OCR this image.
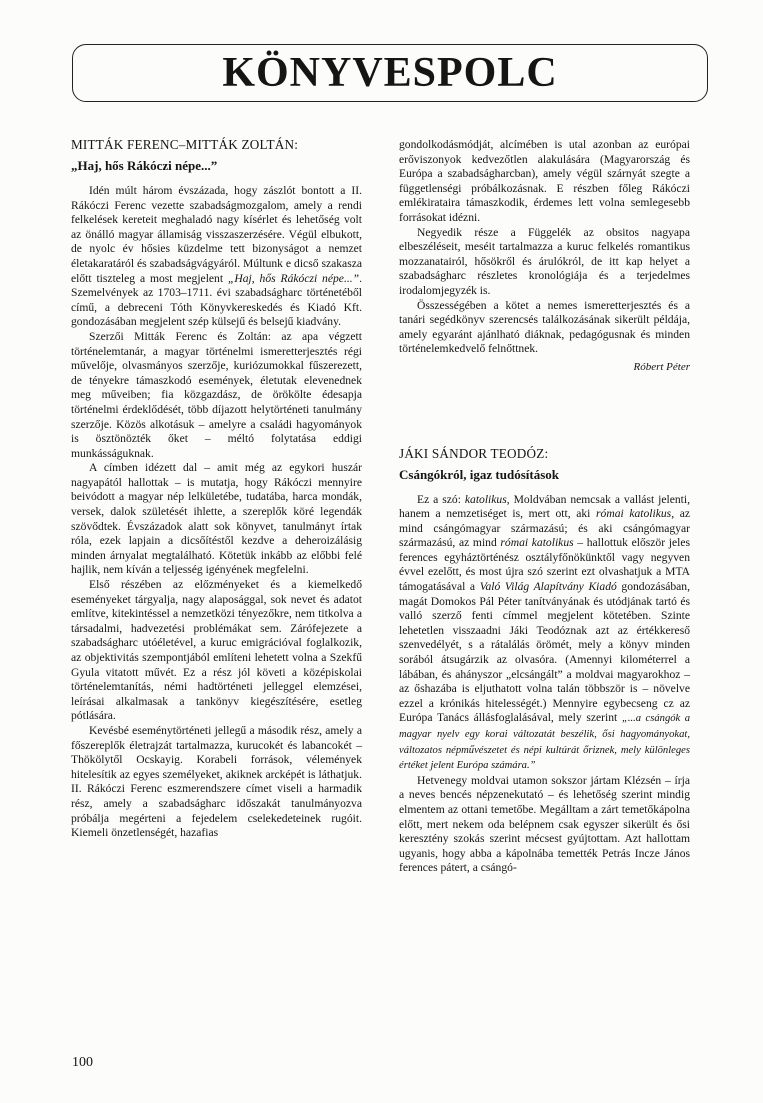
KÖNYVESPOLC
MITTÁK FERENC–MITTÁK ZOLTÁN:
„Haj, hős Rákóczi népe...”

Idén múlt három évszázada, hogy zászlót bontott a II. Rákóczi Ferenc vezette szabadságmozgalom, amely a rendi felkelések kereteit meghaladó nagy kísérlet és lehetőség volt az önálló magyar államiság visszaszerzésére. Végül elbukott, de nyolc év hősies küzdelme tett bizonyságot a nemzet életakaratáról és szabadságvágyáról. Múltunk e dicső szakasza előtt tiszteleg a most megjelent „Haj, hős Rákóczi népe...”. Szemelvények az 1703–1711. évi szabadságharc történetéből című, a debreceni Tóth Könyvkereskedés és Kiadó Kft. gondozásában megjelent szép külsejű és belsejű kiadvány.

Szerzői Mitták Ferenc és Zoltán: az apa végzett történelemtanár, a magyar történelmi ismeretterjesztés régi művelője, olvasmányos szerzője, kuriózumokkal fűszerezett, de tényekre támaszkodó események, életutak elevenednek meg műveiben; fia közgazdász, de örökölte édesapja történelmi érdeklődését, több díjazott helytörténeti tanulmány szerzője. Közös alkotásuk – amelyre a családi hagyományok is ösztönözték őket – méltó folytatása eddigi munkásságuknak.

A címben idézett dal – amit még az egykori huszár nagyapától hallottak – is mutatja, hogy Rákóczi mennyire beivódott a magyar nép lelkületébe, tudatába, harca mondák, versek, dalok születését ihlette, a szereplők köré legendák szövődtek. Évszázadok alatt sok könyvet, tanulmányt írtak róla, ezek lapjain a dicsőítéstől kezdve a deheroizálásig minden árnyalat megtalálható. Kötetük inkább az előbbi felé hajlik, nem kíván a teljesség igényének megfelelni.

Első részében az előzményeket és a kiemelkedő eseményeket tárgyalja, nagy alaposággal, sok nevet és adatot említve, kitekintéssel a nemzetközi tényezőkre, nem titkolva a társadalmi, hadvezetési problémákat sem. Zárófejezete a szabadságharc utóéletével, a kuruc emigrációval foglalkozik, az objektivitás szempontjából említeni lehetett volna a Szekfű Gyula vitatott művét. Ez a rész jól követi a középiskolai történelemtanítás, némi hadtörténeti jelleggel elemzései, leírásai alkalmasak a tankönyv kiegészítésére, esetleg pótlására.

Kevésbé eseménytörténeti jellegű a második rész, amely a főszereplők életrajzát tartalmazza, kurucokét és labancokét – Thökölytől Ocskayig. Korabeli források, vélemények hitelesítik az egyes személyeket, akiknek arcképét is láthatjuk. II. Rákóczi Ferenc eszmerendszere címet viseli a harmadik rész, amely a szabadságharc időszakát tanulmányozva próbálja megérteni a fejedelem cselekedeteinek rugóit. Kiemeli önzetlenségét, hazafias

gondolkodásmódját, alcímében is utal azonban az európai erőviszonyok kedvezőtlen alakulására (Magyarország és Európa a szabadságharcban), amely végül szárnyát szegte a függetlenségi próbálkozásnak. E részben főleg Rákóczi emlékirataira támaszkodik, érdemes lett volna semlegesebb forrásokat idézni.

Negyedik része a Függelék az obsitos nagyapa elbeszéléseit, meséit tartalmazza a kuruc felkelés romantikus mozzanatairól, hősökről és árulókról, de itt kap helyet a szabadságharc részletes kronológiája és a terjedelmes irodalomjegyzék is.

Összességében a kötet a nemes ismeretterjesztés és a tanári segédkönyv szerencsés találkozásának sikerült példája, amely egyaránt ajánlható diáknak, pedagógusnak és minden történelemkedvelő felnőttnek.

Róbert Péter
JÁKI SÁNDOR TEODÓZ:
Csángókról, igaz tudósítások

Ez a szó: katolikus, Moldvában nemcsak a vallást jelenti, hanem a nemzetiséget is, mert ott, aki római katolikus, az mind csángómagyar származású; és aki csángómagyar származású, az mind római katolikus – hallottuk először jeles ferences egyháztörténész osztályfőnökünktől vagy negyven évvel ezelőtt, és most újra szó szerint ezt olvashatjuk a MTA támogatásával a Való Világ Alapítvány Kiadó gondozásában, magát Domokos Pál Péter tanítványának és utódjának tartó és valló szerző fenti címmel megjelent kötetében. Szinte lehetetlen visszaadni Jáki Teodóznak azt az értékkereső szenvedélyét, s a rátalálás örömét, mely a könyv minden sorából átsugárzik az olvasóra. (Amennyi kilométerrel a lábában, és ahányszor „elcsángált” a moldvai magyarokhoz – az őshazába is eljuthatott volna talán többször is – növelve ezzel a krónikás hitelességét.) Mennyire egybecseng cz az Európa Tanács állásfoglalásával, mely szerint „...a csángók a magyar nyelv egy korai változatát beszélik, ősi hagyományokat, változatos népművészetet és népi kultúrát őriznek, mely különleges értéket jelent Európa számára.”

Hetvenegy moldvai utamon sokszor jártam Klézsén – írja a neves bencés népzenekutató – és lehetőség szerint mindig elmentem az ottani temetőbe. Megálltam a zárt temetőkápolna előtt, mert nekem oda belépnem csak egyszer sikerült és ősi keresztény szokás szerint mécsest gyújtottam. Azt hallottam ugyanis, hogy abba a kápolnába temették Petrás Incze János ferences pátert, a csángó-

100
